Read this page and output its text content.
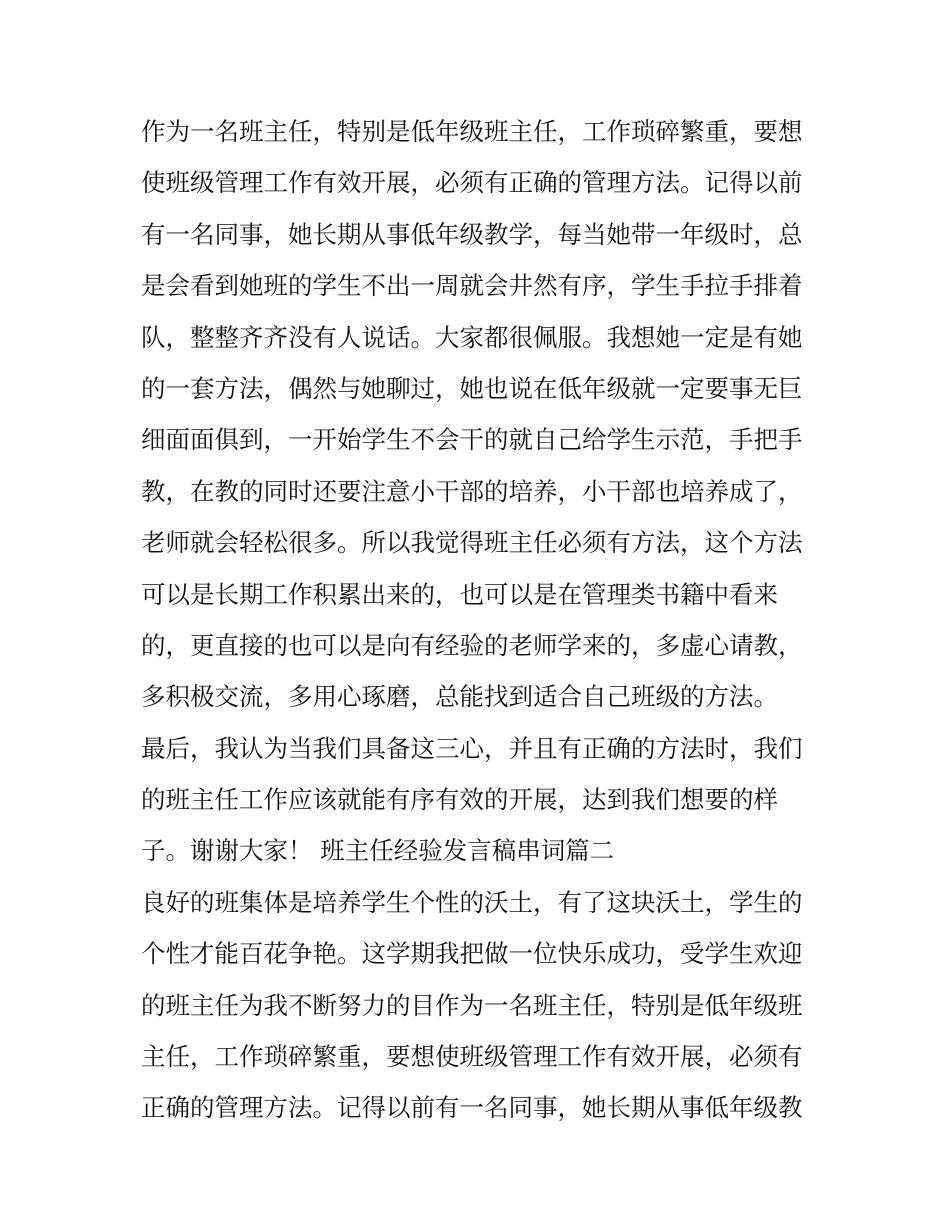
作为一名班主任，特别是低年级班主任，工作琐碎繁重，要想
使班级管理工作有效开展，必须有正确的管理方法。记得以前
有一名同事，她长期从事低年级教学，每当她带一年级时，总
是会看到她班的学生不出一周就会井然有序，学生手拉手排着
队，整整齐齐没有人说话。大家都很佩服。我想她一定是有她
的一套方法，偶然与她聊过，她也说在低年级就一定要事无巨
细面面俱到，一开始学生不会干的就自己给学生示范，手把手
教，在教的同时还要注意小干部的培养，小干部也培养成了，
老师就会轻松很多。所以我觉得班主任必须有方法，这个方法
可以是长期工作积累出来的，也可以是在管理类书籍中看来
的，更直接的也可以是向有经验的老师学来的，多虚心请教，
多积极交流，多用心琢磨，总能找到适合自己班级的方法。
最后，我认为当我们具备这三心，并且有正确的方法时，我们
的班主任工作应该就能有序有效的开展，达到我们想要的样
子。谢谢大家！ 班主任经验发言稿串词篇二
良好的班集体是培养学生个性的沃土，有了这块沃土，学生的
个性才能百花争艳。这学期我把做一位快乐成功，受学生欢迎
的班主任为我不断努力的目作为一名班主任，特别是低年级班
主任，工作琐碎繁重，要想使班级管理工作有效开展，必须有
正确的管理方法。记得以前有一名同事，她长期从事低年级教
